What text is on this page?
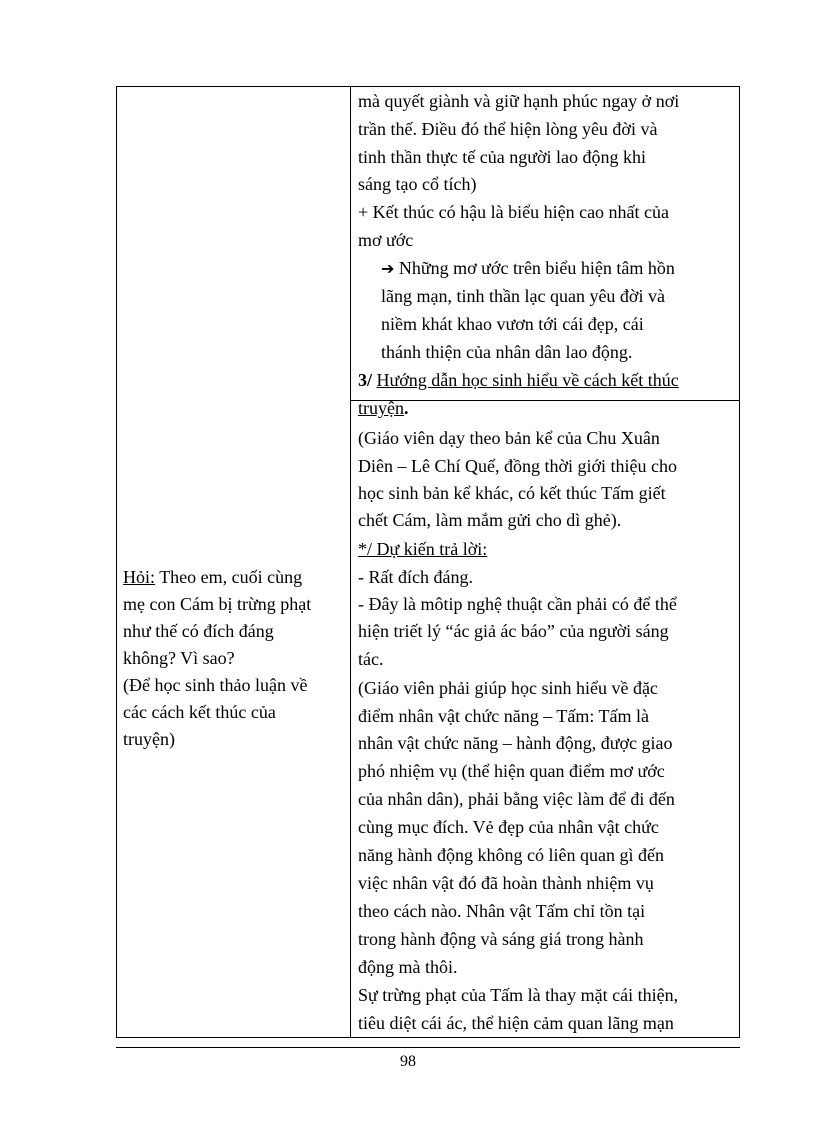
Hỏi: Theo em, cuối cùng
mẹ con Cám bị trừng phạt
như thế có đích đáng
không? Vì sao?
(Để học sinh thảo luận về
các cách kết thúc của
truyện)
mà quyết giành và giữ hạnh phúc ngay ở nơi
trần thế. Điều đó thể hiện lòng yêu đời và
tinh thần thực tế của người lao động khi
sáng tạo cổ tích)
+ Kết thúc có hậu là biểu hiện cao nhất của
mơ ước
➔ Những mơ ước trên biểu hiện tâm hồn
lãng mạn, tinh thần lạc quan yêu đời và
niềm khát khao vươn tới cái đẹp, cái
thánh thiện của nhân dân lao động.
3/ Hướng dẫn học sinh hiểu về cách kết thúc
truyện.
(Giáo viên dạy theo bản kể của Chu Xuân
Diên – Lê Chí Quế, đồng thời giới thiệu cho
học sinh bản kể khác, có kết thúc Tấm giết
chết Cám, làm mắm gửi cho dì ghẻ).
*/ Dự kiến trả lời:
- Rất đích đáng.
- Đây là môtip nghệ thuật cần phải có để thể
hiện triết lý “ác giả ác báo” của người sáng
tác.
(Giáo viên phải giúp học sinh hiểu về đặc
điểm nhân vật chức năng – Tấm: Tấm là
nhân vật chức năng – hành động, được giao
phó nhiệm vụ (thể hiện quan điểm mơ ước
của nhân dân), phải bằng việc làm để đi đến
cùng mục đích. Vẻ đẹp của nhân vật chức
năng hành động không có liên quan gì đến
việc nhân vật đó đã hoàn thành nhiệm vụ
theo cách nào. Nhân vật Tấm chỉ tồn tại
trong hành động và sáng giá trong hành
động mà thôi.
Sự trừng phạt của Tấm là thay mặt cái thiện,
tiêu diệt cái ác, thể hiện cảm quan lãng mạn
98
